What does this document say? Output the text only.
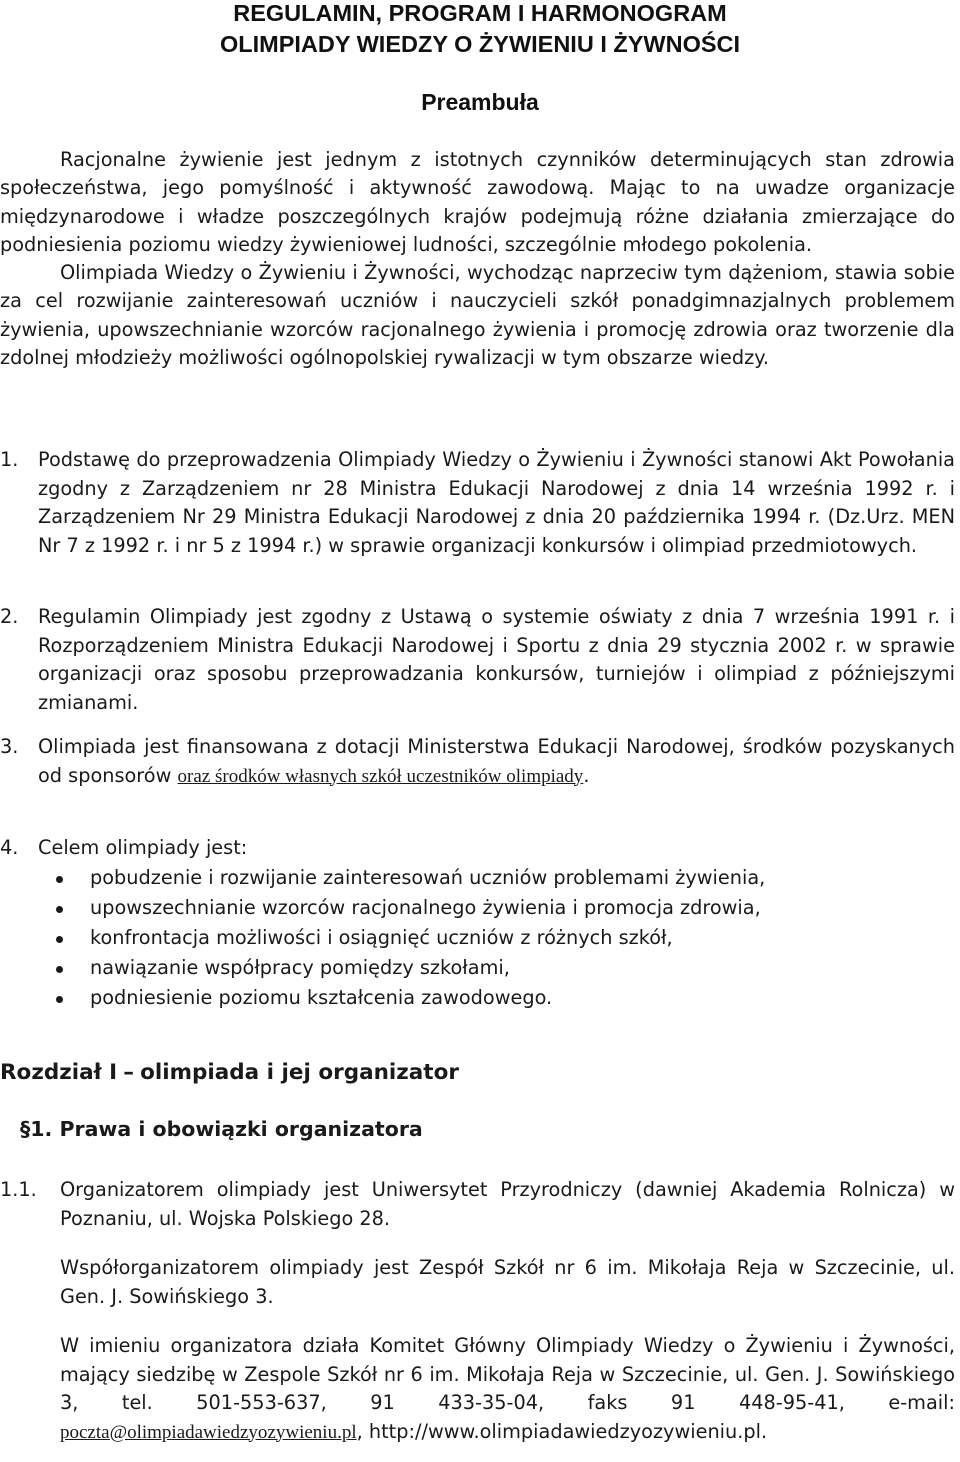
REGULAMIN, PROGRAM I HARMONOGRAM
OLIMPIADY WIEDZY O ŻYWIENIU I ŻYWNOŚCI
Preambuła

Racjonalne żywienie jest jednym z istotnych czynników determinujących stan zdrowia społeczeństwa, jego pomyślność i aktywność zawodową. Mając to na uwadze organizacje międzynarodowe i władze poszczególnych krajów podejmują różne działania zmierzające do podniesienia poziomu wiedzy żywieniowej ludności, szczególnie młodego pokolenia.

Olimpiada Wiedzy o Żywieniu i Żywności, wychodząc naprzeciw tym dążeniom, stawia sobie za cel rozwijanie zainteresowań uczniów i nauczycieli szkół ponadgimnazjalnych problemem żywienia, upowszechnianie wzorców racjonalnego żywienia i promocję zdrowia oraz tworzenie dla zdolnej młodzieży możliwości ogólnopolskiej rywalizacji w tym obszarze wiedzy.

1. Podstawę do przeprowadzenia Olimpiady Wiedzy o Żywieniu i Żywności stanowi Akt Powołania zgodny z Zarządzeniem nr 28 Ministra Edukacji Narodowej z dnia 14 września 1992 r. i Zarządzeniem Nr 29 Ministra Edukacji Narodowej z dnia 20 października 1994 r. (Dz.Urz. MEN Nr 7 z 1992 r. i nr 5 z 1994 r.) w sprawie organizacji konkursów i olimpiad przedmiotowych.
2. Regulamin Olimpiady jest zgodny z Ustawą o systemie oświaty z dnia 7 września 1991 r. i Rozporządzeniem Ministra Edukacji Narodowej i Sportu z dnia 29 stycznia 2002 r. w sprawie organizacji oraz sposobu przeprowadzania konkursów, turniejów i olimpiad z późniejszymi zmianami.
3. Olimpiada jest finansowana z dotacji Ministerstwa Edukacji Narodowej, środków pozyskanych od sponsorów oraz środków własnych szkół uczestników olimpiady.
4. Celem olimpiady jest:
pobudzenie i rozwijanie zainteresowań uczniów problemami żywienia,
upowszechnianie wzorców racjonalnego żywienia i promocja zdrowia,
konfrontacja możliwości i osiągnięć uczniów z różnych szkół,
nawiązanie współpracy pomiędzy szkołami,
podniesienie poziomu kształcenia zawodowego.
Rozdział I – olimpiada i jej organizator
§1. Prawa i obowiązki organizatora
1.1. Organizatorem olimpiady jest Uniwersytet Przyrodniczy (dawniej Akademia Rolnicza) w Poznaniu, ul. Wojska Polskiego 28.

Współorganizatorem olimpiady jest Zespół Szkół nr 6 im. Mikołaja Reja w Szczecinie, ul. Gen. J. Sowińskiego 3.

W imieniu organizatora działa Komitet Główny Olimpiady Wiedzy o Żywieniu i Żywności, mający siedzibę w Zespole Szkół nr 6 im. Mikołaja Reja w Szczecinie, ul. Gen. J. Sowińskiego 3, tel. 501-553-637, 91 433-35-04, faks 91 448-95-41, e-mail: poczta@olimpiadawiedzyozywieniu.pl, http://www.olimpiadawiedzyozywieniu.pl.
